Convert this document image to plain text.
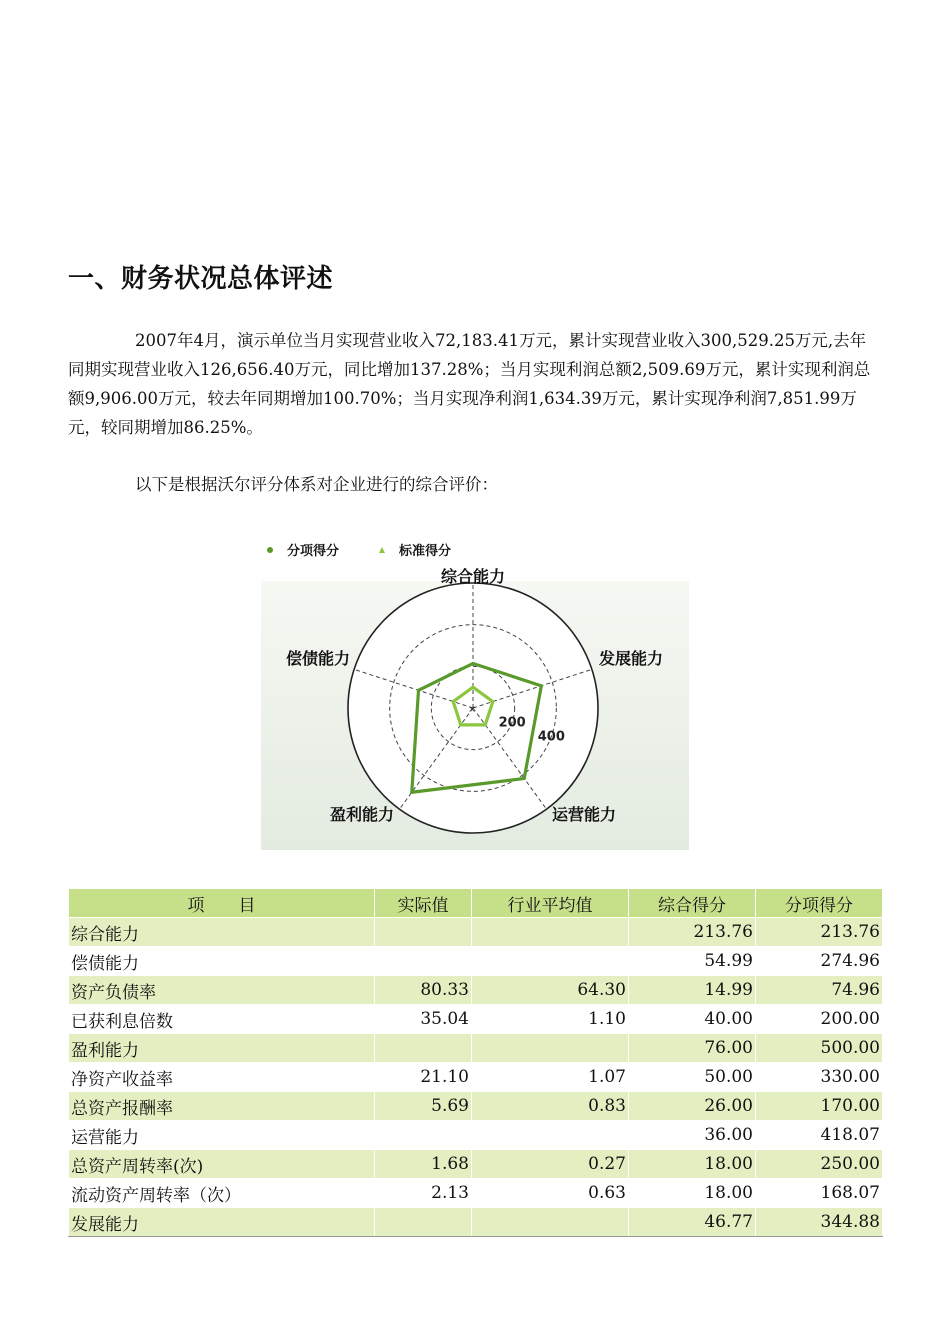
一、财务状况总体评述

2007年4月，演示单位当月实现营业收入72,183.41万元，累计实现营业收入300,529.25万元,去年同期实现营业收入126,656.40万元，同比增加137.28%；当月实现利润总额2,509.69万元，累计实现利润总额9,906.00万元，较去年同期增加100.70%；当月实现净利润1,634.39万元，累计实现净利润7,851.99万元，较同期增加86.25%。

以下是根据沃尔评分体系对企业进行的综合评价：

×
200
400
综合能力
发展能力
运营能力
盈利能力
偿债能力
分项得分	标准得分
项　　目	实际值	行业平均值	综合得分	分项得分
综合能力			213.76	213.76
偿债能力			54.99	274.96
资产负债率	80.33	64.30	14.99	74.96
已获利息倍数	35.04	1.10	40.00	200.00
盈利能力			76.00	500.00
净资产收益率	21.10	1.07	50.00	330.00
总资产报酬率	5.69	0.83	26.00	170.00
运营能力			36.00	418.07
总资产周转率(次)	1.68	0.27	18.00	250.00
流动资产周转率（次）	2.13	0.63	18.00	168.07
发展能力			46.77	344.88
